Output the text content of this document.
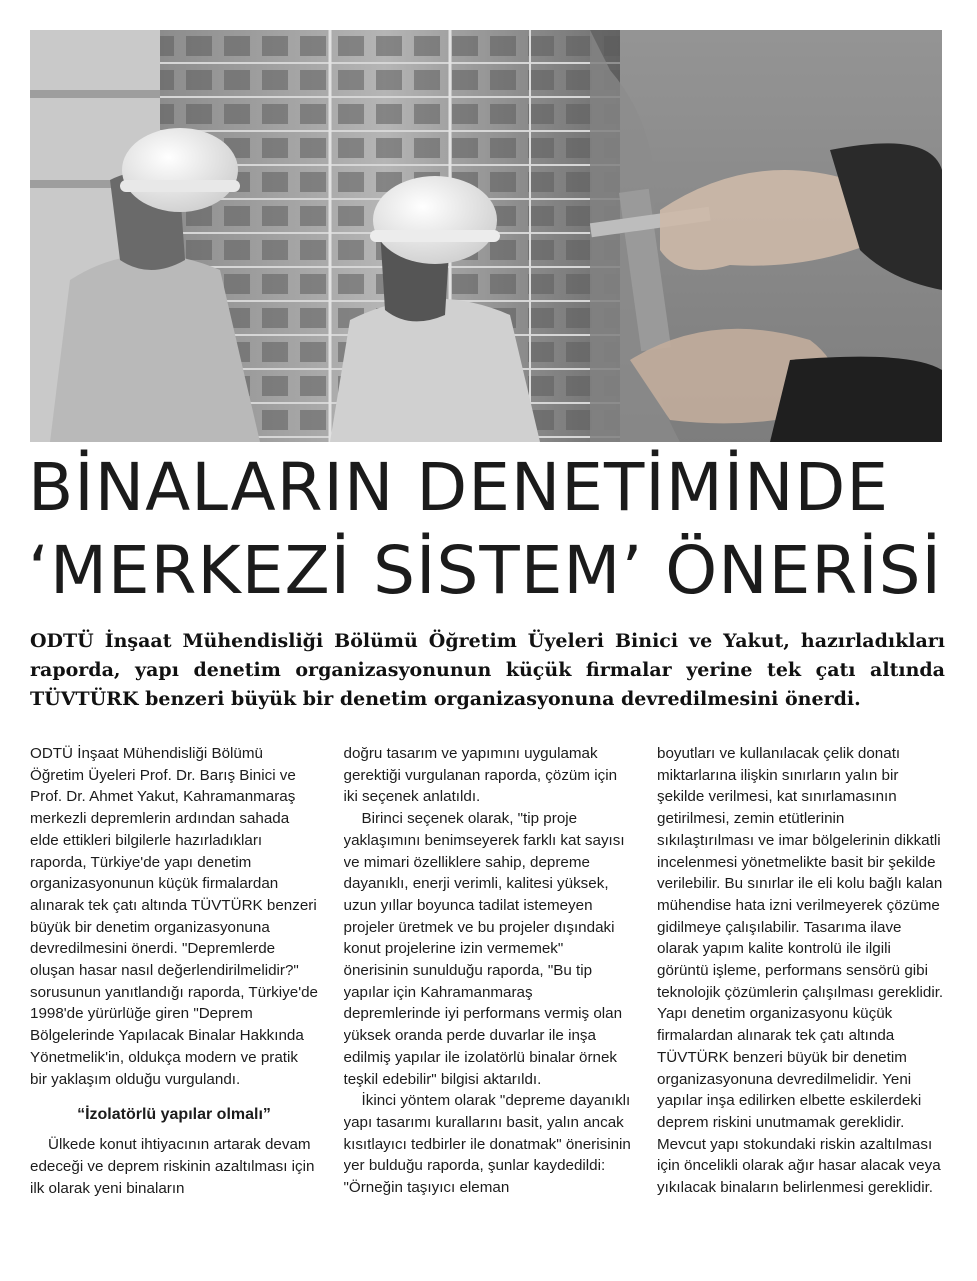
BİNALARIN DENETİMİNDE
‘MERKEZİ SİSTEM’ ÖNERİSİ

ODTÜ İnşaat Mühendisliği Bölümü Öğretim Üyeleri Binici ve Yakut, hazırladıkları raporda, yapı denetim organizasyonunun küçük firmalar yerine tek çatı altında TÜVTÜRK benzeri büyük bir denetim organizasyonuna devredilmesini önerdi.

ODTÜ İnşaat Mühendisliği Bölümü Öğretim Üyeleri Prof. Dr. Barış Binici ve Prof. Dr. Ahmet Yakut, Kahramanmaraş merkezli depremlerin ardından sahada elde ettikleri bilgilerle hazırladıkları raporda, Türkiye'de yapı denetim organizasyonunun küçük firmalardan alınarak tek çatı altında TÜVTÜRK benzeri büyük bir denetim organizasyonuna devredilmesini önerdi. "Depremlerde oluşan hasar nasıl değerlendirilmelidir?" sorusunun yanıtlandığı raporda, Türkiye'de 1998'de yürürlüğe giren "Deprem Bölgelerinde Yapılacak Binalar Hakkında Yönetmelik'in, oldukça modern ve pratik bir yaklaşım olduğu vurgulandı.

“İzolatörlü yapılar olmalı”

Ülkede konut ihtiyacının artarak devam edeceği ve deprem riskinin azaltılması için ilk olarak yeni binaların

doğru tasarım ve yapımını uygulamak gerektiği vurgulanan raporda, çözüm için iki seçenek anlatıldı.

Birinci seçenek olarak, "tip proje yaklaşımını benimseyerek farklı kat sayısı ve mimari özelliklere sahip, depreme dayanıklı, enerji verimli, kalitesi yüksek, uzun yıllar boyunca tadilat istemeyen projeler üretmek ve bu projeler dışındaki konut projelerine izin vermemek" önerisinin sunulduğu raporda, "Bu tip yapılar için Kahramanmaraş depremlerinde iyi performans vermiş olan yüksek oranda perde duvarlar ile inşa edilmiş yapılar ile izolatörlü binalar örnek teşkil edebilir" bilgisi aktarıldı.

İkinci yöntem olarak "depreme dayanıklı yapı tasarımı kurallarını basit, yalın ancak kısıtlayıcı tedbirler ile donatmak" önerisinin yer bulduğu raporda, şunlar kaydedildi: "Örneğin taşıyıcı eleman

boyutları ve kullanılacak çelik donatı miktarlarına ilişkin sınırların yalın bir şekilde verilmesi, kat sınırlamasının getirilmesi, zemin etütlerinin sıkılaştırılması ve imar bölgelerinin dikkatli incelenmesi yönetmelikte basit bir şekilde verilebilir. Bu sınırlar ile eli kolu bağlı kalan mühendise hata izni verilmeyerek çözüme gidilmeye çalışılabilir. Tasarıma ilave olarak yapım kalite kontrolü ile ilgili görüntü işleme, performans sensörü gibi teknolojik çözümlerin çalışılması gereklidir. Yapı denetim organizasyonu küçük firmalardan alınarak tek çatı altında TÜVTÜRK benzeri büyük bir denetim organizasyonuna devredilmelidir. Yeni yapılar inşa edilirken elbette eskilerdeki deprem riskini unutmamak gereklidir. Mevcut yapı stokundaki riskin azaltılması için öncelikli olarak ağır hasar alacak veya yıkılacak binaların belirlenmesi gereklidir.
